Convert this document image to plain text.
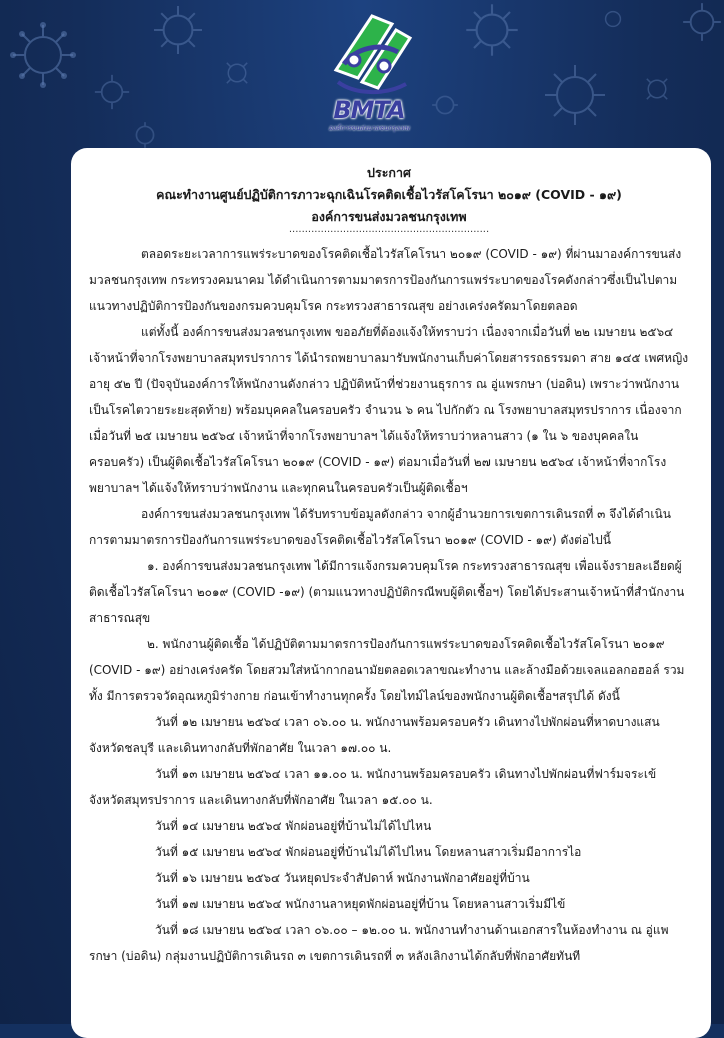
BMTA
องค์การขนส่งมวลชนกรุงเทพ
ประกาศ
คณะทำงานศูนย์ปฏิบัติการภาวะฉุกเฉินโรคติดเชื้อไวรัสโคโรนา ๒๐๑๙ (COVID - ๑๙)
องค์การขนส่งมวลชนกรุงเทพ
...............................................................

ตลอดระยะเวลาการแพร่ระบาดของโรคติดเชื้อไวรัสโคโรนา ๒๐๑๙ (COVID - ๑๙) ที่ผ่านมาองค์การขนส่งมวลชนกรุงเทพ กระทรวงคมนาคม ได้ดำเนินการตามมาตรการป้องกันการแพร่ระบาดของโรคดังกล่าวซึ่งเป็นไปตามแนวทางปฏิบัติการป้องกันของกรมควบคุมโรค กระทรวงสาธารณสุข อย่างเคร่งครัดมาโดยตลอด

แต่ทั้งนี้ องค์การขนส่งมวลชนกรุงเทพ ขออภัยที่ต้องแจ้งให้ทราบว่า เนื่องจากเมื่อวันที่ ๒๒ เมษายน ๒๕๖๔ เจ้าหน้าที่จากโรงพยาบาลสมุทรปราการ ได้นำรถพยาบาลมารับพนักงานเก็บค่าโดยสารรถธรรมดา สาย ๑๔๕ เพศหญิง อายุ ๕๒ ปี (ปัจจุบันองค์การให้พนักงานดังกล่าว ปฏิบัติหน้าที่ช่วยงานธุรการ ณ อู่แพรกษา (บ่อดิน) เพราะว่าพนักงานเป็นโรคไตวายระยะสุดท้าย) พร้อมบุคคลในครอบครัว จำนวน ๖ คน ไปกักตัว ณ โรงพยาบาลสมุทรปราการ เนื่องจากเมื่อวันที่ ๒๕ เมษายน ๒๕๖๔ เจ้าหน้าที่จากโรงพยาบาลฯ ได้แจ้งให้ทราบว่าหลานสาว (๑ ใน ๖ ของบุคคลในครอบครัว) เป็นผู้ติดเชื้อไวรัสโคโรนา ๒๐๑๙ (COVID - ๑๙) ต่อมาเมื่อวันที่ ๒๗ เมษายน ๒๕๖๔ เจ้าหน้าที่จากโรงพยาบาลฯ ได้แจ้งให้ทราบว่าพนักงาน และทุกคนในครอบครัวเป็นผู้ติดเชื้อฯ

องค์การขนส่งมวลชนกรุงเทพ ได้รับทราบข้อมูลดังกล่าว จากผู้อำนวยการเขตการเดินรถที่ ๓ จึงได้ดำเนินการตามมาตรการป้องกันการแพร่ระบาดของโรคติดเชื้อไวรัสโคโรนา ๒๐๑๙ (COVID - ๑๙) ดังต่อไปนี้

๑. องค์การขนส่งมวลชนกรุงเทพ ได้มีการแจ้งกรมควบคุมโรค กระทรวงสาธารณสุข เพื่อแจ้งรายละเอียดผู้ติดเชื้อไวรัสโคโรนา ๒๐๑๙ (COVID -๑๙) (ตามแนวทางปฏิบัติกรณีพบผู้ติดเชื้อฯ) โดยได้ประสานเจ้าหน้าที่สำนักงานสาธารณสุข

๒. พนักงานผู้ติดเชื้อ ได้ปฏิบัติตามมาตรการป้องกันการแพร่ระบาดของโรคติดเชื้อไวรัสโคโรนา ๒๐๑๙ (COVID - ๑๙) อย่างเคร่งครัด โดยสวมใส่หน้ากากอนามัยตลอดเวลาขณะทำงาน และล้างมือด้วยเจลแอลกอฮอล์ รวมทั้ง มีการตรวจวัดอุณหภูมิร่างกาย ก่อนเข้าทำงานทุกครั้ง โดยไทม์ไลน์ของพนักงานผู้ติดเชื้อฯสรุปได้ ดังนี้

วันที่ ๑๒ เมษายน ๒๕๖๔ เวลา ๐๖.๐๐ น. พนักงานพร้อมครอบครัว เดินทางไปพักผ่อนที่หาดบางแสน จังหวัดชลบุรี และเดินทางกลับที่พักอาศัย ในเวลา ๑๗.๐๐ น.

วันที่ ๑๓ เมษายน ๒๕๖๔ เวลา ๑๑.๐๐ น. พนักงานพร้อมครอบครัว เดินทางไปพักผ่อนที่ฟาร์มจระเข้ จังหวัดสมุทรปราการ และเดินทางกลับที่พักอาศัย ในเวลา ๑๕.๐๐ น.

วันที่ ๑๔ เมษายน ๒๕๖๔ พักผ่อนอยู่ที่บ้านไม่ได้ไปไหน

วันที่ ๑๕ เมษายน ๒๕๖๔ พักผ่อนอยู่ที่บ้านไม่ได้ไปไหน โดยหลานสาวเริ่มมีอาการไอ

วันที่ ๑๖ เมษายน ๒๕๖๔ วันหยุดประจำสัปดาห์ พนักงานพักอาศัยอยู่ที่บ้าน

วันที่ ๑๗ เมษายน ๒๕๖๔ พนักงานลาหยุดพักผ่อนอยู่ที่บ้าน โดยหลานสาวเริ่มมีไข้

วันที่ ๑๘ เมษายน ๒๕๖๔ เวลา ๐๖.๐๐ – ๑๒.๐๐ น. พนักงานทำงานด้านเอกสารในห้องทำงาน ณ อู่แพรกษา (บ่อดิน) กลุ่มงานปฏิบัติการเดินรถ ๓ เขตการเดินรถที่ ๓ หลังเลิกงานได้กลับที่พักอาศัยทันที
